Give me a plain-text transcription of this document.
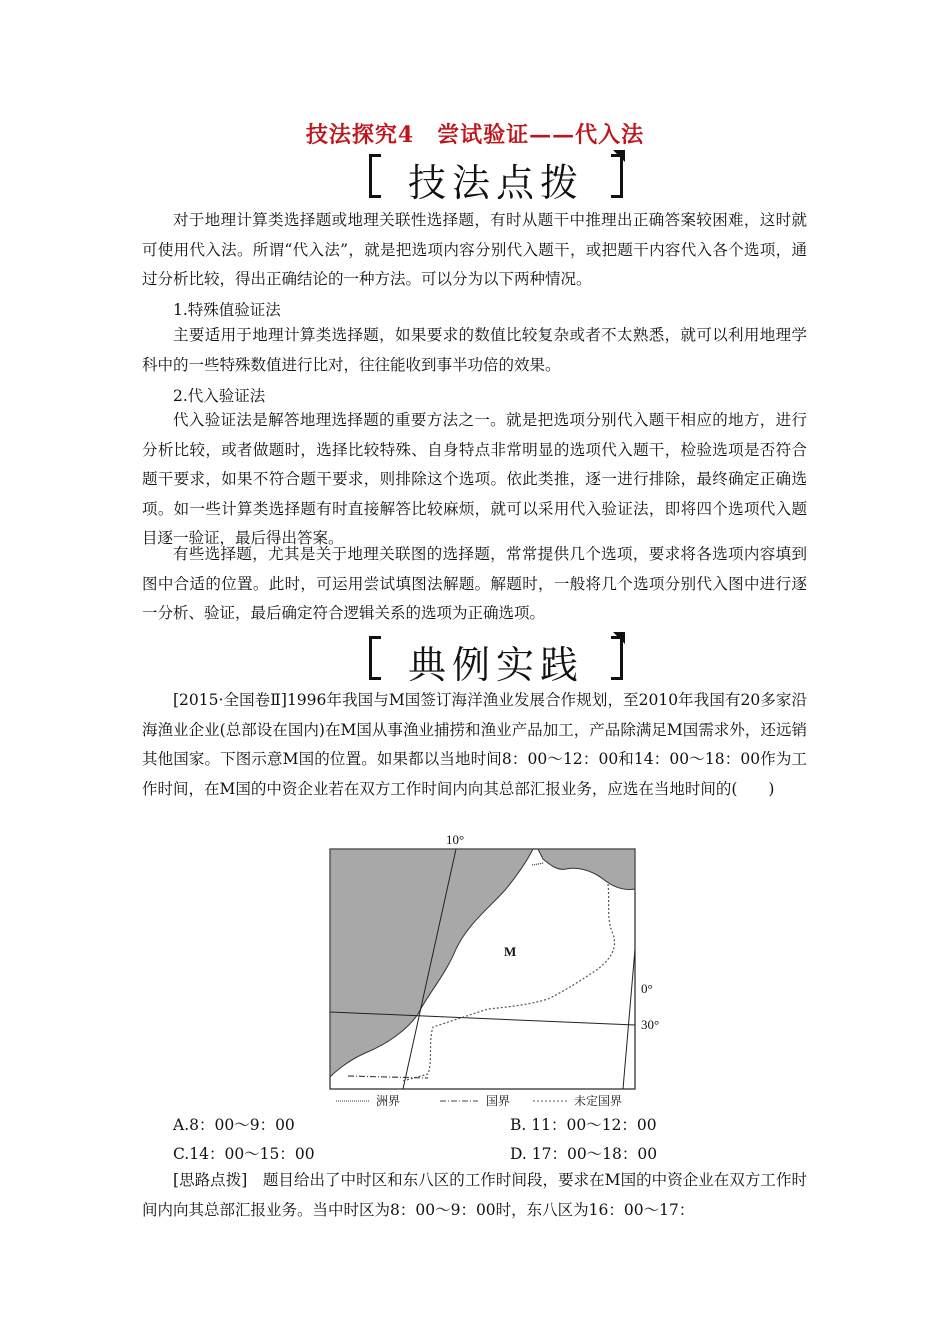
技法探究4　尝试验证——代入法
技法点拨

对于地理计算类选择题或地理关联性选择题，有时从题干中推理出正确答案较困难，这时就可使用代入法。所谓“代入法”，就是把选项内容分别代入题干，或把题干内容代入各个选项，通过分析比较，得出正确结论的一种方法。可以分为以下两种情况。

1.特殊值验证法

主要适用于地理计算类选择题，如果要求的数值比较复杂或者不太熟悉，就可以利用地理学科中的一些特殊数值进行比对，往往能收到事半功倍的效果。

2.代入验证法

代入验证法是解答地理选择题的重要方法之一。就是把选项分别代入题干相应的地方，进行分析比较，或者做题时，选择比较特殊、自身特点非常明显的选项代入题干，检验选项是否符合题干要求，如果不符合题干要求，则排除这个选项。依此类推，逐一进行排除，最终确定正确选项。如一些计算类选择题有时直接解答比较麻烦，就可以采用代入验证法，即将四个选项代入题目逐一验证，最后得出答案。

有些选择题，尤其是关于地理关联图的选择题，常常提供几个选项，要求将各选项内容填到图中合适的位置。此时，可运用尝试填图法解题。解题时，一般将几个选项分别代入图中进行逐一分析、验证，最后确定符合逻辑关系的选项为正确选项。

典例实践

[2015·全国卷Ⅱ]1996年我国与M国签订海洋渔业发展合作规划，至2010年我国有20多家沿海渔业企业(总部设在国内)在M国从事渔业捕捞和渔业产品加工，产品除满足M国需求外，还远销其他国家。下图示意M国的位置。如果都以当地时间8：00～12：00和14：00～18：00作为工作时间，在M国的中资企业若在双方工作时间内向其总部汇报业务，应选在当地时间的(　　)

10°
M
0°
30°
洲界	国界	未定国界
A.8：00～9：00	B. 11：00～12：00
C.14：00～15：00	D. 17：00～18：00

[思路点拨]　题目给出了中时区和东八区的工作时间段，要求在M国的中资企业在双方工作时间内向其总部汇报业务。当中时区为8：00～9：00时，东八区为16：00～17：
